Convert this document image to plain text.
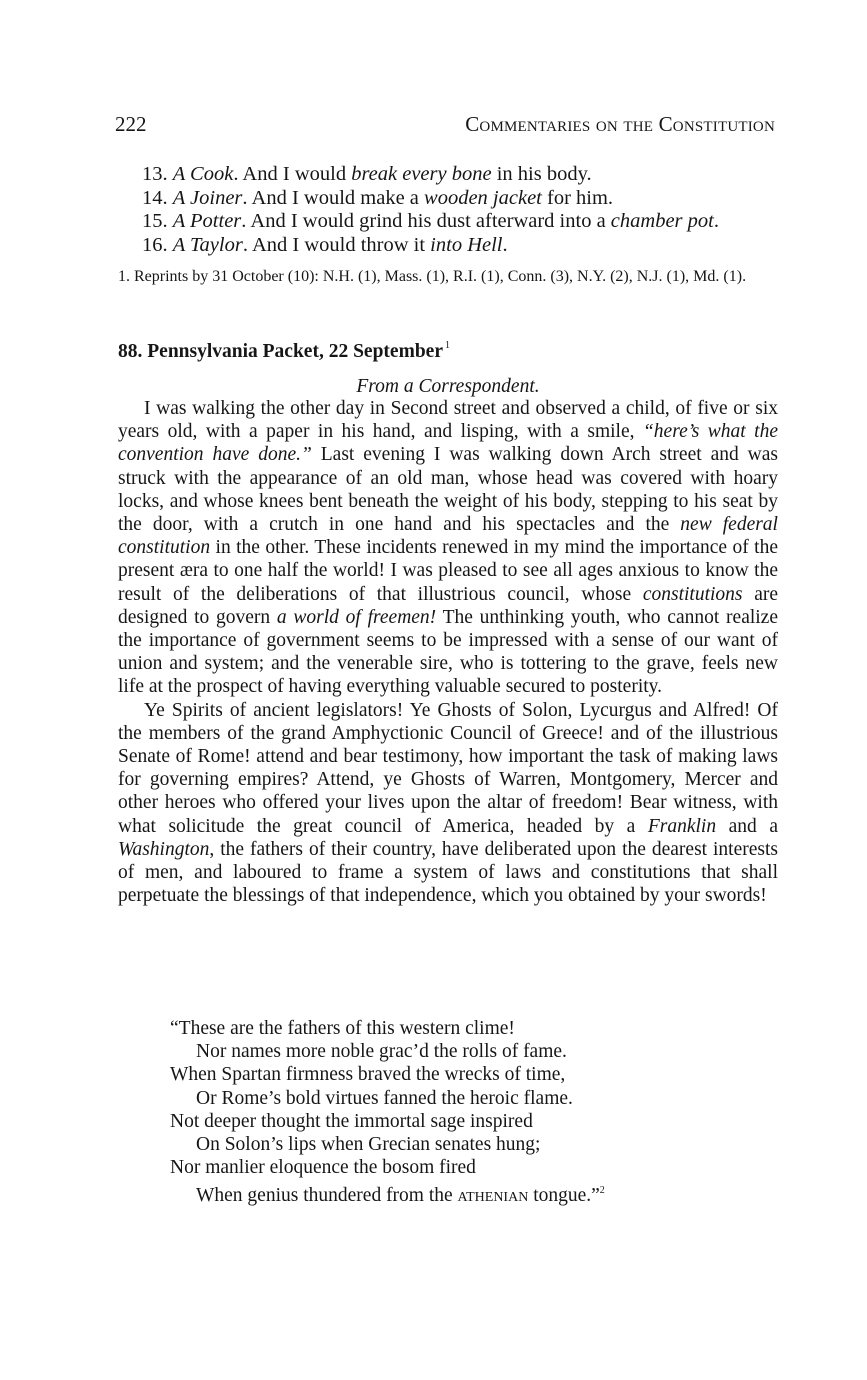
222	Commentaries on the Constitution
13. A Cook. And I would break every bone in his body.
14. A Joiner. And I would make a wooden jacket for him.
15. A Potter. And I would grind his dust afterward into a chamber pot.
16. A Taylor. And I would throw it into Hell.
1. Reprints by 31 October (10): N.H. (1), Mass. (1), R.I. (1), Conn. (3), N.Y. (2), N.J. (1), Md. (1).
88. Pennsylvania Packet, 22 September $^1$
From a Correspondent.

I was walking the other day in Second street and observed a child, of five or six years old, with a paper in his hand, and lisping, with a smile, “here’s what the convention have done.” Last evening I was walking down Arch street and was struck with the appearance of an old man, whose head was covered with hoary locks, and whose knees bent beneath the weight of his body, stepping to his seat by the door, with a crutch in one hand and his spectacles and the new federal constitution in the other. These incidents renewed in my mind the importance of the present æra to one half the world! I was pleased to see all ages anxious to know the result of the deliberations of that illustrious council, whose constitutions are designed to govern a world of freemen! The unthinking youth, who cannot realize the importance of government seems to be impressed with a sense of our want of union and system; and the venerable sire, who is tottering to the grave, feels new life at the prospect of having everything valuable secured to posterity.

Ye Spirits of ancient legislators! Ye Ghosts of Solon, Lycurgus and Alfred! Of the members of the grand Amphyctionic Council of Greece! and of the illustrious Senate of Rome! attend and bear testimony, how important the task of making laws for governing empires? Attend, ye Ghosts of Warren, Montgomery, Mercer and other heroes who offered your lives upon the altar of freedom! Bear witness, with what solicitude the great council of America, headed by a Franklin and a Washington, the fathers of their country, have deliberated upon the dearest interests of men, and laboured to frame a system of laws and constitutions that shall perpetuate the blessings of that independence, which you obtained by your swords!

“These are the fathers of this western clime!
Nor names more noble grac’d the rolls of fame.
When Spartan firmness braved the wrecks of time,
Or Rome’s bold virtues fanned the heroic flame.
Not deeper thought the immortal sage inspired
On Solon’s lips when Grecian senates hung;
Nor manlier eloquence the bosom fired
When genius thundered from the athenian tongue.”$^2$
